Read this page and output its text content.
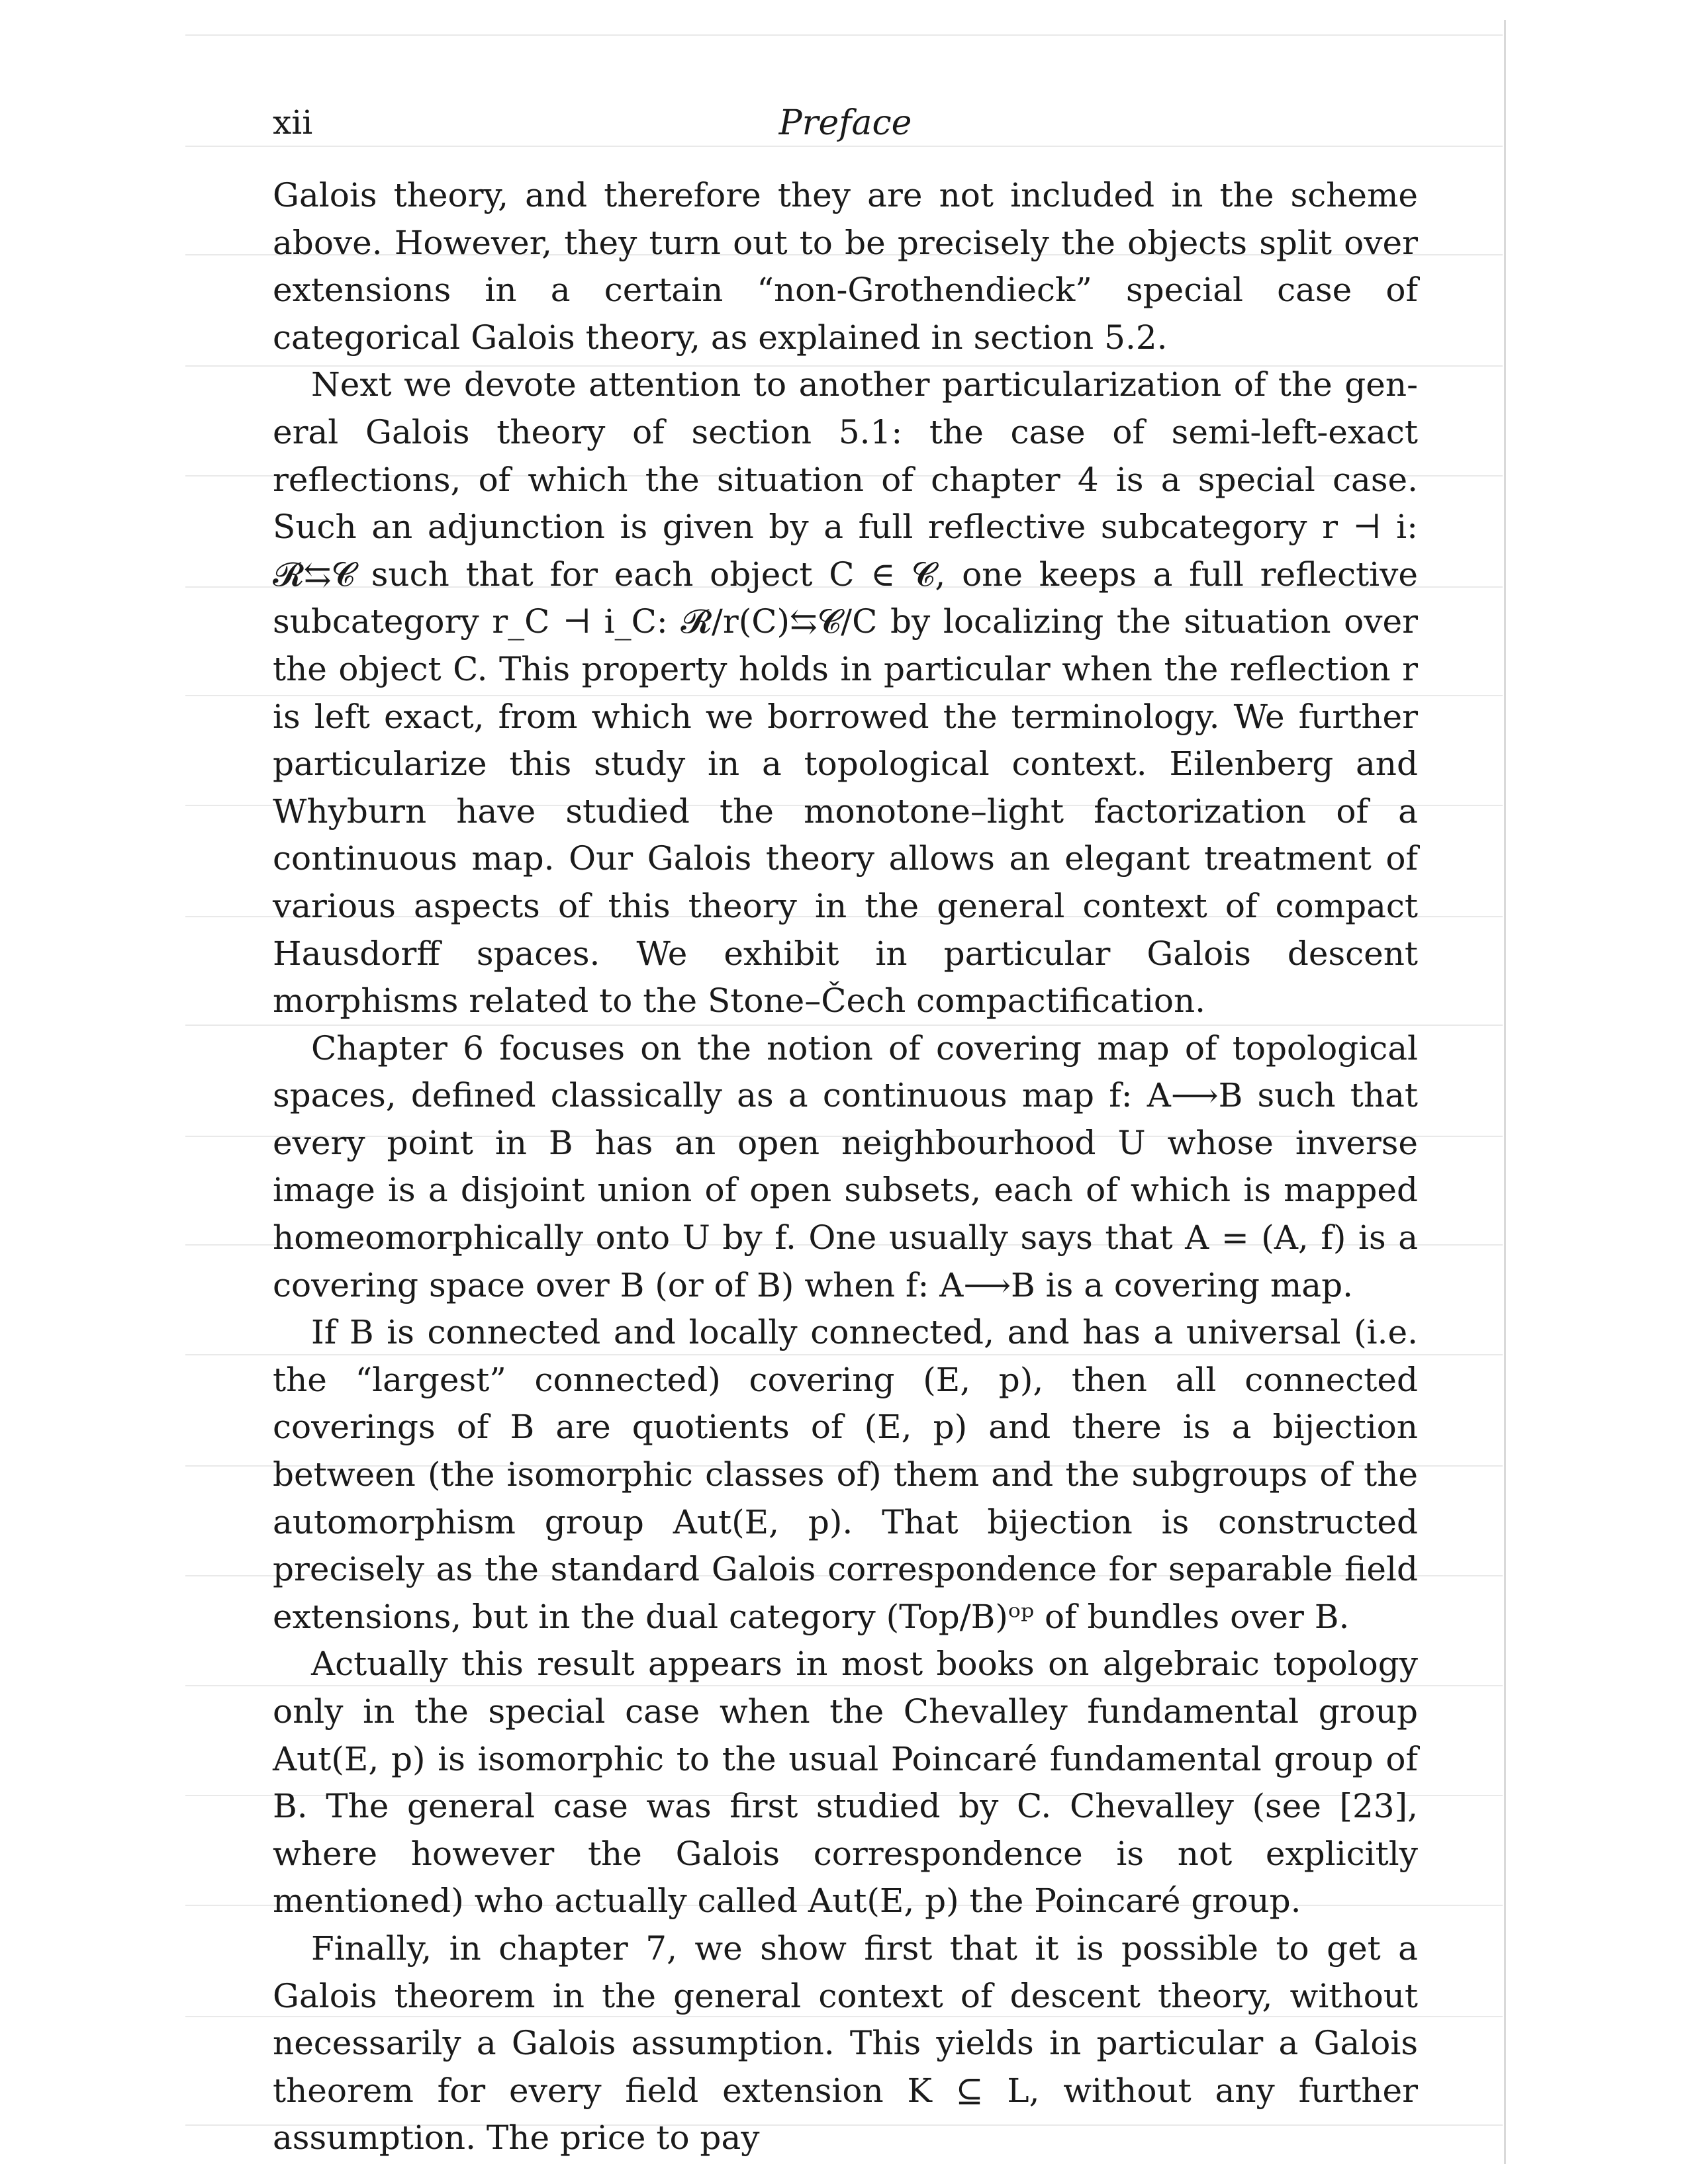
xii	Preface

Galois theory, and therefore they are not included in the scheme above. However, they turn out to be precisely the objects split over extensions in a certain “non-Grothendieck” special case of categorical Galois theory, as explained in section 5.2.

Next we devote attention to another particularization of the general Galois theory of section 5.1: the case of semi-left-exact reflections, of which the situation of chapter 4 is a special case. Such an adjunction is given by a full reflective subcategory r ⊣ i: 𝓡⇆𝓒 such that for each object C ∈ 𝓒, one keeps a full reflective subcategory r_C ⊣ i_C: 𝓡/r(C)⇆𝓒/C by localizing the situation over the object C. This property holds in particular when the reflection r is left exact, from which we borrowed the terminology. We further particularize this study in a topological context. Eilenberg and Whyburn have studied the monotone–light factorization of a continuous map. Our Galois theory allows an elegant treatment of various aspects of this theory in the general context of compact Hausdorff spaces. We exhibit in particular Galois descent morphisms related to the Stone–Čech compactification.

Chapter 6 focuses on the notion of covering map of topological spaces, defined classically as a continuous map f: A⟶B such that every point in B has an open neighbourhood U whose inverse image is a disjoint union of open subsets, each of which is mapped homeomorphically onto U by f. One usually says that A = (A, f) is a covering space over B (or of B) when f: A⟶B is a covering map.

If B is connected and locally connected, and has a universal (i.e. the “largest” connected) covering (E, p), then all connected coverings of B are quotients of (E, p) and there is a bijection between (the isomorphic classes of) them and the subgroups of the automorphism group Aut(E, p). That bijection is constructed precisely as the standard Galois correspondence for separable field extensions, but in the dual category (Top/B)ᵒᵖ of bundles over B.

Actually this result appears in most books on algebraic topology only in the special case when the Chevalley fundamental group Aut(E, p) is isomorphic to the usual Poincaré fundamental group of B. The general case was first studied by C. Chevalley (see [23], where however the Galois correspondence is not explicitly mentioned) who actually called Aut(E, p) the Poincaré group.

Finally, in chapter 7, we show first that it is possible to get a Galois theorem in the general context of descent theory, without necessarily a Galois assumption. This yields in particular a Galois theorem for every field extension K ⊆ L, without any further assumption. The price to pay
